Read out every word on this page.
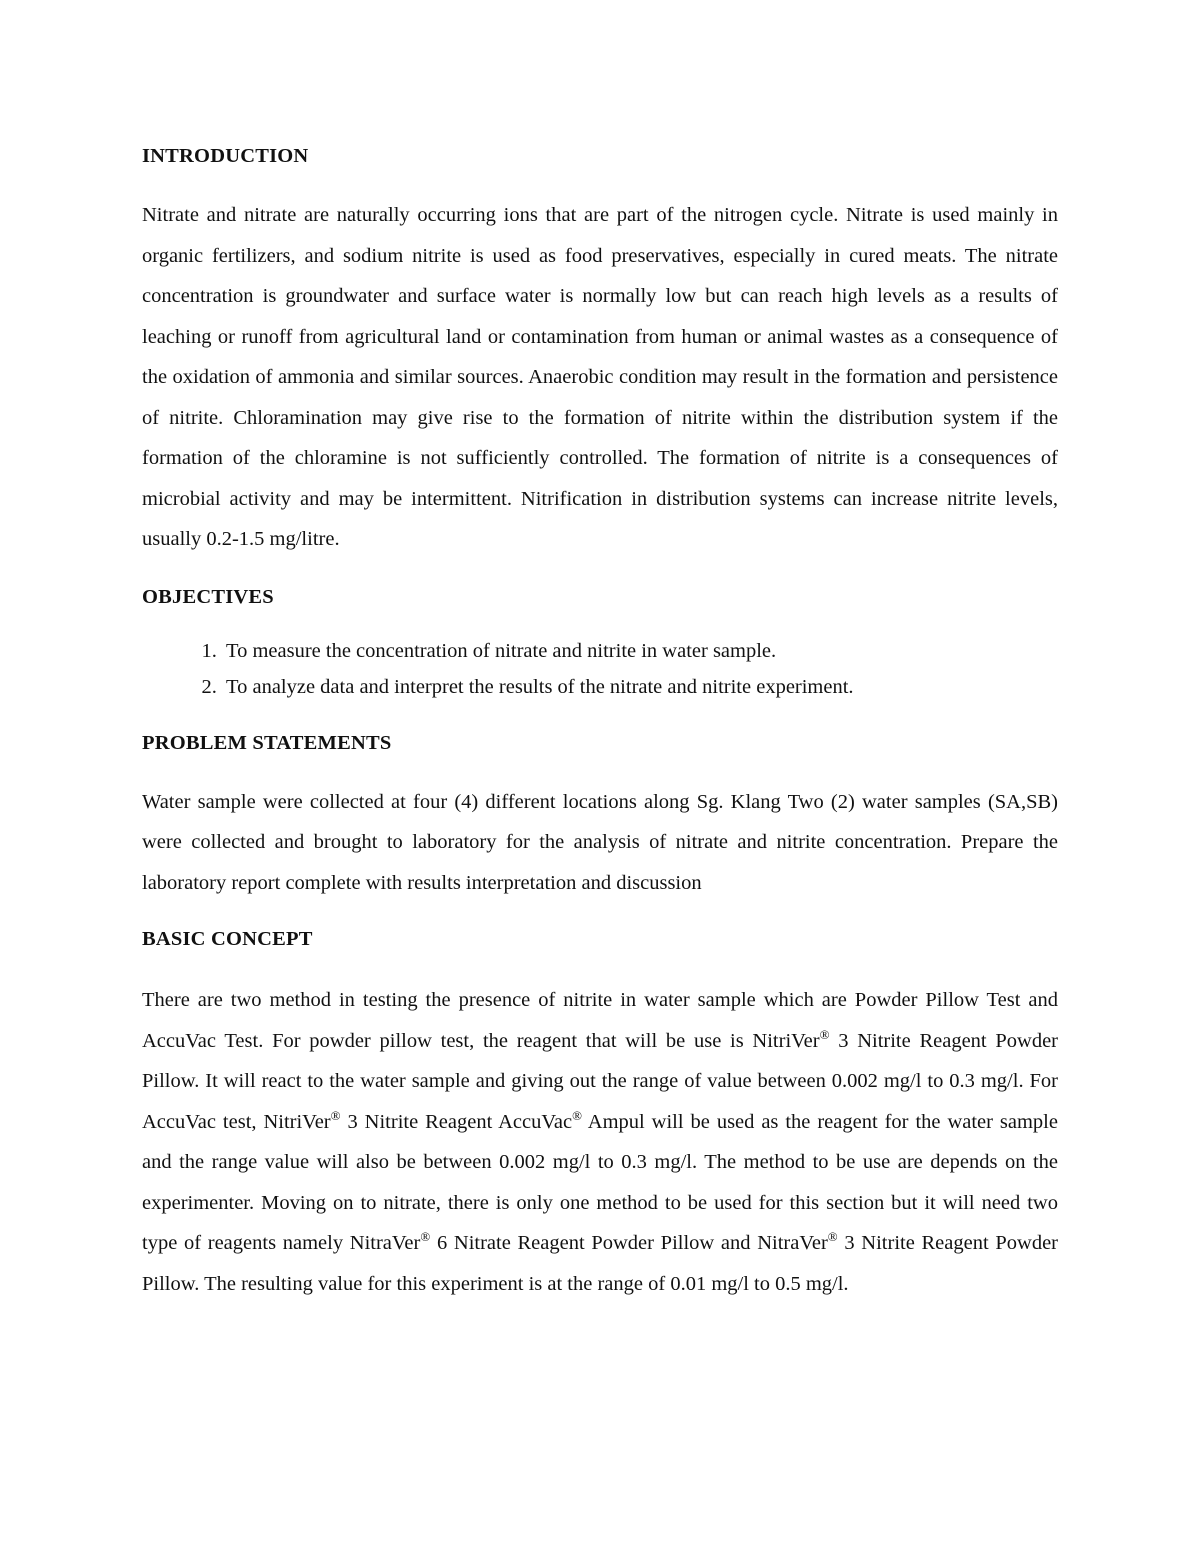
INTRODUCTION

Nitrate and nitrate are naturally occurring ions that are part of the nitrogen cycle. Nitrate is used mainly in organic fertilizers, and sodium nitrite is used as food preservatives, especially in cured meats. The nitrate concentration is groundwater and surface water is normally low but can reach high levels as a results of leaching or runoff from agricultural land or contamination from human or animal wastes as a consequence of the oxidation of ammonia and similar sources. Anaerobic condition may result in the formation and persistence of nitrite. Chloramination may give rise to the formation of nitrite within the distribution system if the formation of the chloramine is not sufficiently controlled. The formation of nitrite is a consequences of microbial activity and may be intermittent. Nitrification in distribution systems can increase nitrite levels, usually 0.2-1.5 mg/litre.

OBJECTIVES
1. To measure the concentration of nitrate and nitrite in water sample.
2. To analyze data and interpret the results of the nitrate and nitrite experiment.
PROBLEM STATEMENTS

Water sample were collected at four (4) different locations along Sg. Klang Two (2) water samples (SA,SB) were collected and brought to laboratory for the analysis of nitrate and nitrite concentration. Prepare the laboratory report complete with results interpretation and discussion

BASIC CONCEPT

There are two method in testing the presence of nitrite in water sample which are Powder Pillow Test and AccuVac Test. For powder pillow test, the reagent that will be use is NitriVer® 3 Nitrite Reagent Powder Pillow. It will react to the water sample and giving out the range of value between 0.002 mg/l to 0.3 mg/l. For AccuVac test, NitriVer® 3 Nitrite Reagent AccuVac® Ampul will be used as the reagent for the water sample and the range value will also be between 0.002 mg/l to 0.3 mg/l. The method to be use are depends on the experimenter. Moving on to nitrate, there is only one method to be used for this section but it will need two type of reagents namely NitraVer® 6 Nitrate Reagent Powder Pillow and NitraVer® 3 Nitrite Reagent Powder Pillow. The resulting value for this experiment is at the range of 0.01 mg/l to 0.5 mg/l.
